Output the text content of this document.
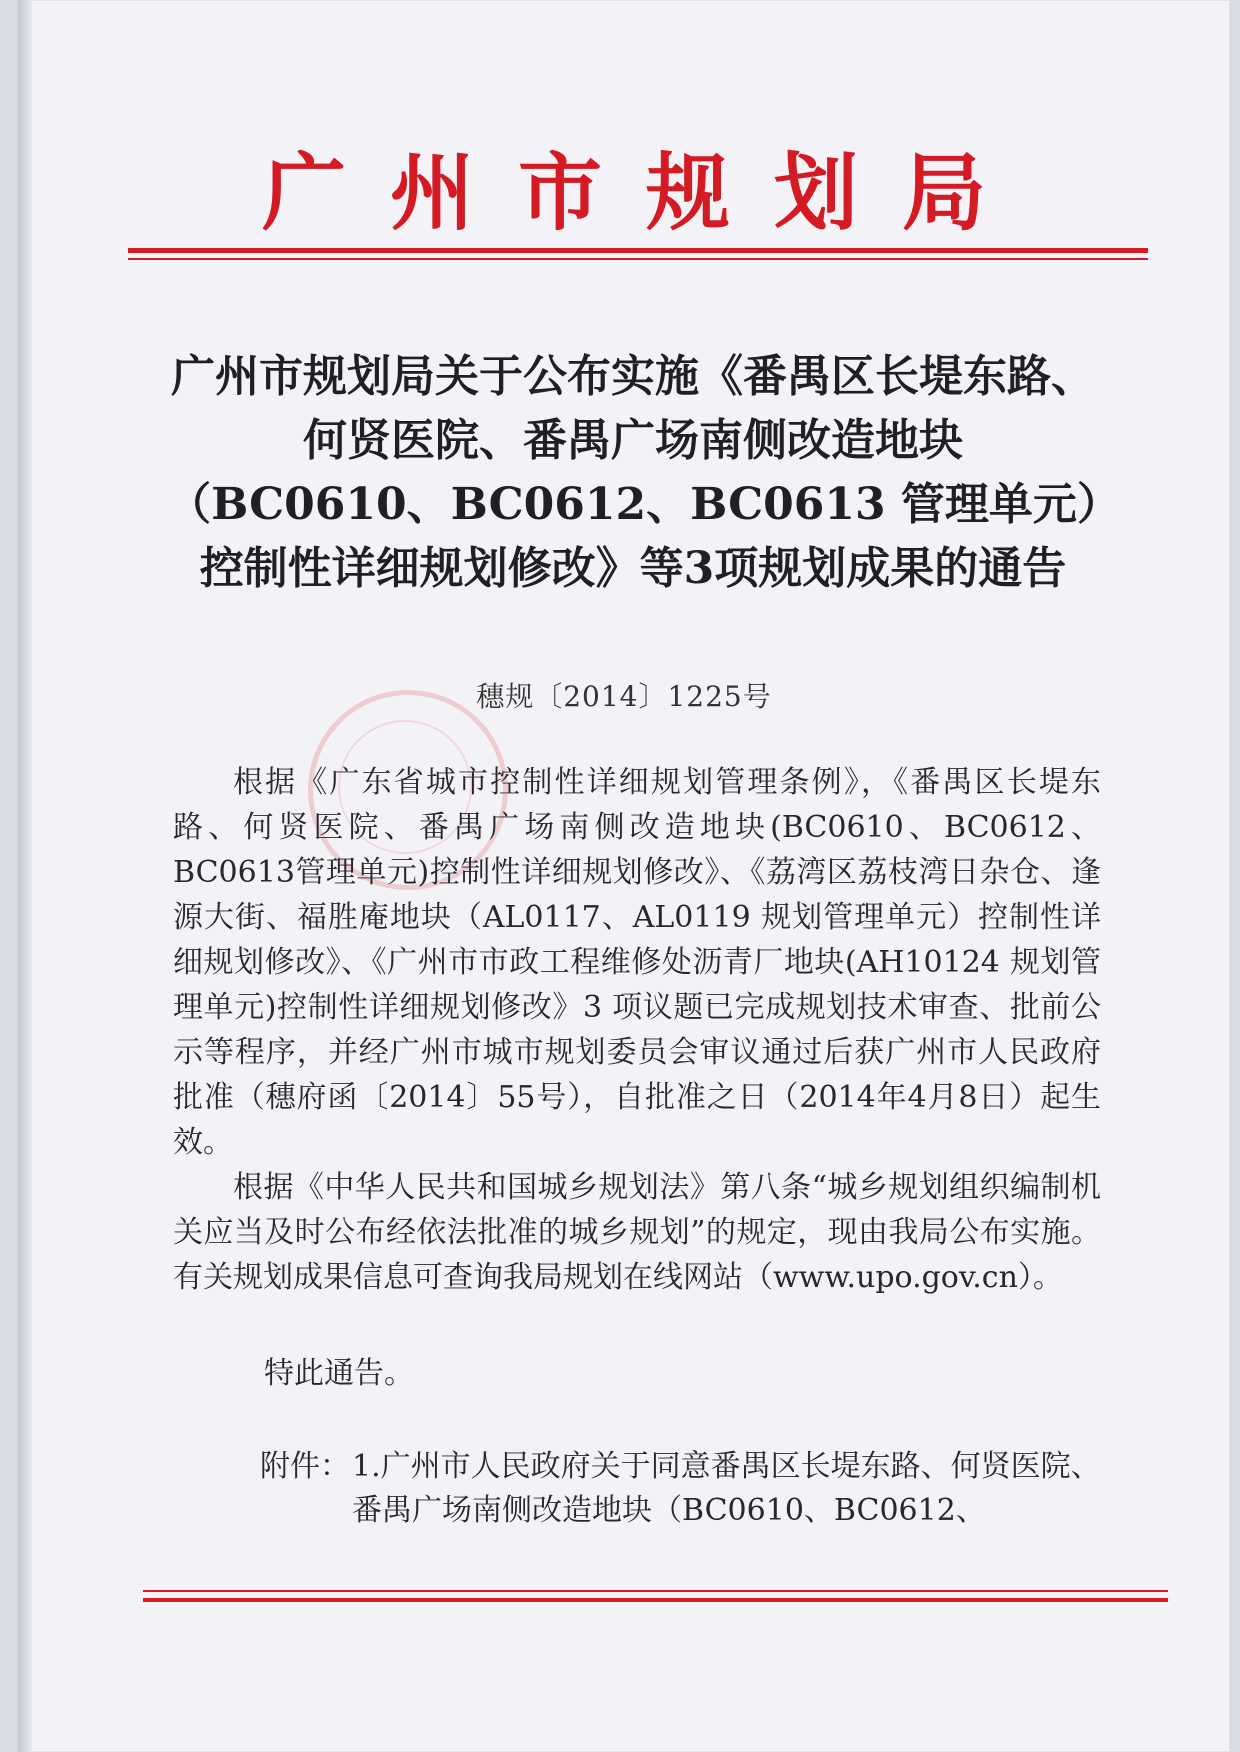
广州市规划局
广州市规划局关于公布实施《番禺区长堤东路、何贤医院、番禺广场南侧改造地块（BC0610、BC0612、BC0613 管理单元）控制性详细规划修改》等3项规划成果的通告
穗规〔2014〕1225号

根据《广东省城市控制性详细规划管理条例》，《番禺区长堤东路、何贤医院、番禺广场南侧改造地块(BC0610、BC0612、BC0613管理单元)控制性详细规划修改》、《荔湾区荔枝湾日杂仓、逢源大街、福胜庵地块（AL0117、AL0119 规划管理单元）控制性详细规划修改》、《广州市市政工程维修处沥青厂地块(AH10124 规划管理单元)控制性详细规划修改》3 项议题已完成规划技术审查、批前公示等程序，并经广州市城市规划委员会审议通过后获广州市人民政府批准（穗府函〔2014〕55号），自批准之日（2014年4月8日）起生效。

根据《中华人民共和国城乡规划法》第八条“城乡规划组织编制机关应当及时公布经依法批准的城乡规划”的规定，现由我局公布实施。有关规划成果信息可查询我局规划在线网站（www.upo.gov.cn）。

特此通告。
附件：1.广州市人民政府关于同意番禺区长堤东路、何贤医院、番禺广场南侧改造地块（BC0610、BC0612、
